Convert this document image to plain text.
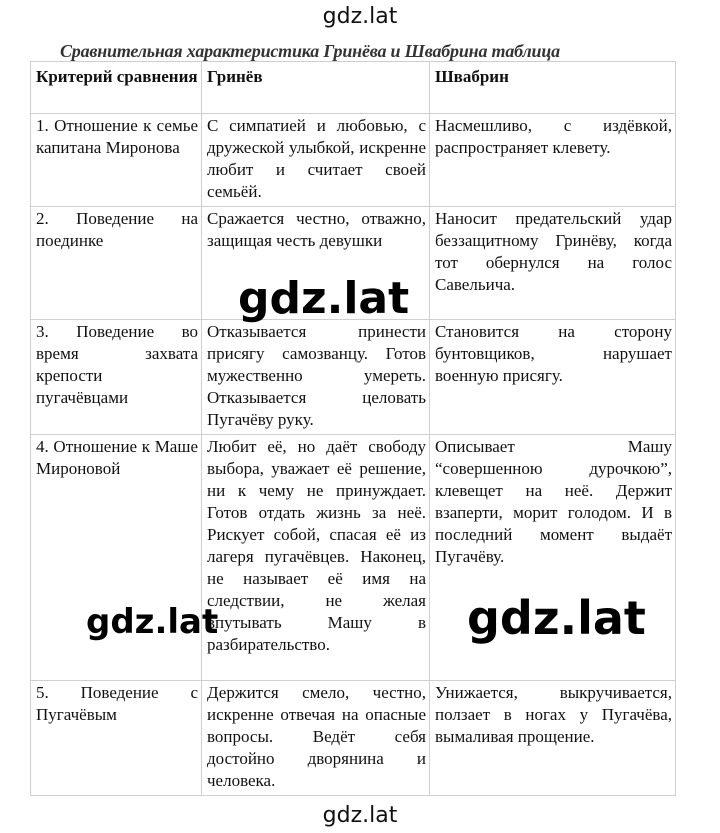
gdz.lat
Сравнительная характеристика Гринёва и Швабрина таблица
Критерий сравнения	Гринёв	Швабрин
1. Отношение к семье капитана Миронова	С симпатией и любовью, с дружеской улыбкой, искренне любит и считает своей семьёй.	Насмешливо, с издёвкой, распространяет клевету.
2. Поведение на поединке	Сражается честно, отважно, защищая честь девушки	Наносит предательский удар беззащитному Гринёву, когда тот обернулся на голос Савельича.
3. Поведение во время захвата крепости пугачёвцами	Отказывается принести присягу самозванцу. Готов мужественно умереть. Отказывается целовать Пугачёву руку.	Становится на сторону бунтовщиков, нарушает военную присягу.
4. Отношение к Маше Мироновой	Любит её, но даёт свободу выбора, уважает её решение, ни к чему не принуждает. Готов отдать жизнь за неё. Рискует собой, спасая её из лагеря пугачёвцев. Наконец, не называет её имя на следствии, не желая впутывать Машу в разбирательство.	Описывает Машу “совершенною дурочкою”, клевещет на неё. Держит взаперти, морит голодом. И в последний момент выдаёт Пугачёву.
5. Поведение с Пугачёвым	Держится смело, честно, искренне отвечая на опасные вопросы. Ведёт себя достойно дворянина и человека.	Унижается, выкручивается, ползает в ногах у Пугачёва, вымаливая прощение.
gdz.lat
gdz.lat	gdz.lat
gdz.lat
